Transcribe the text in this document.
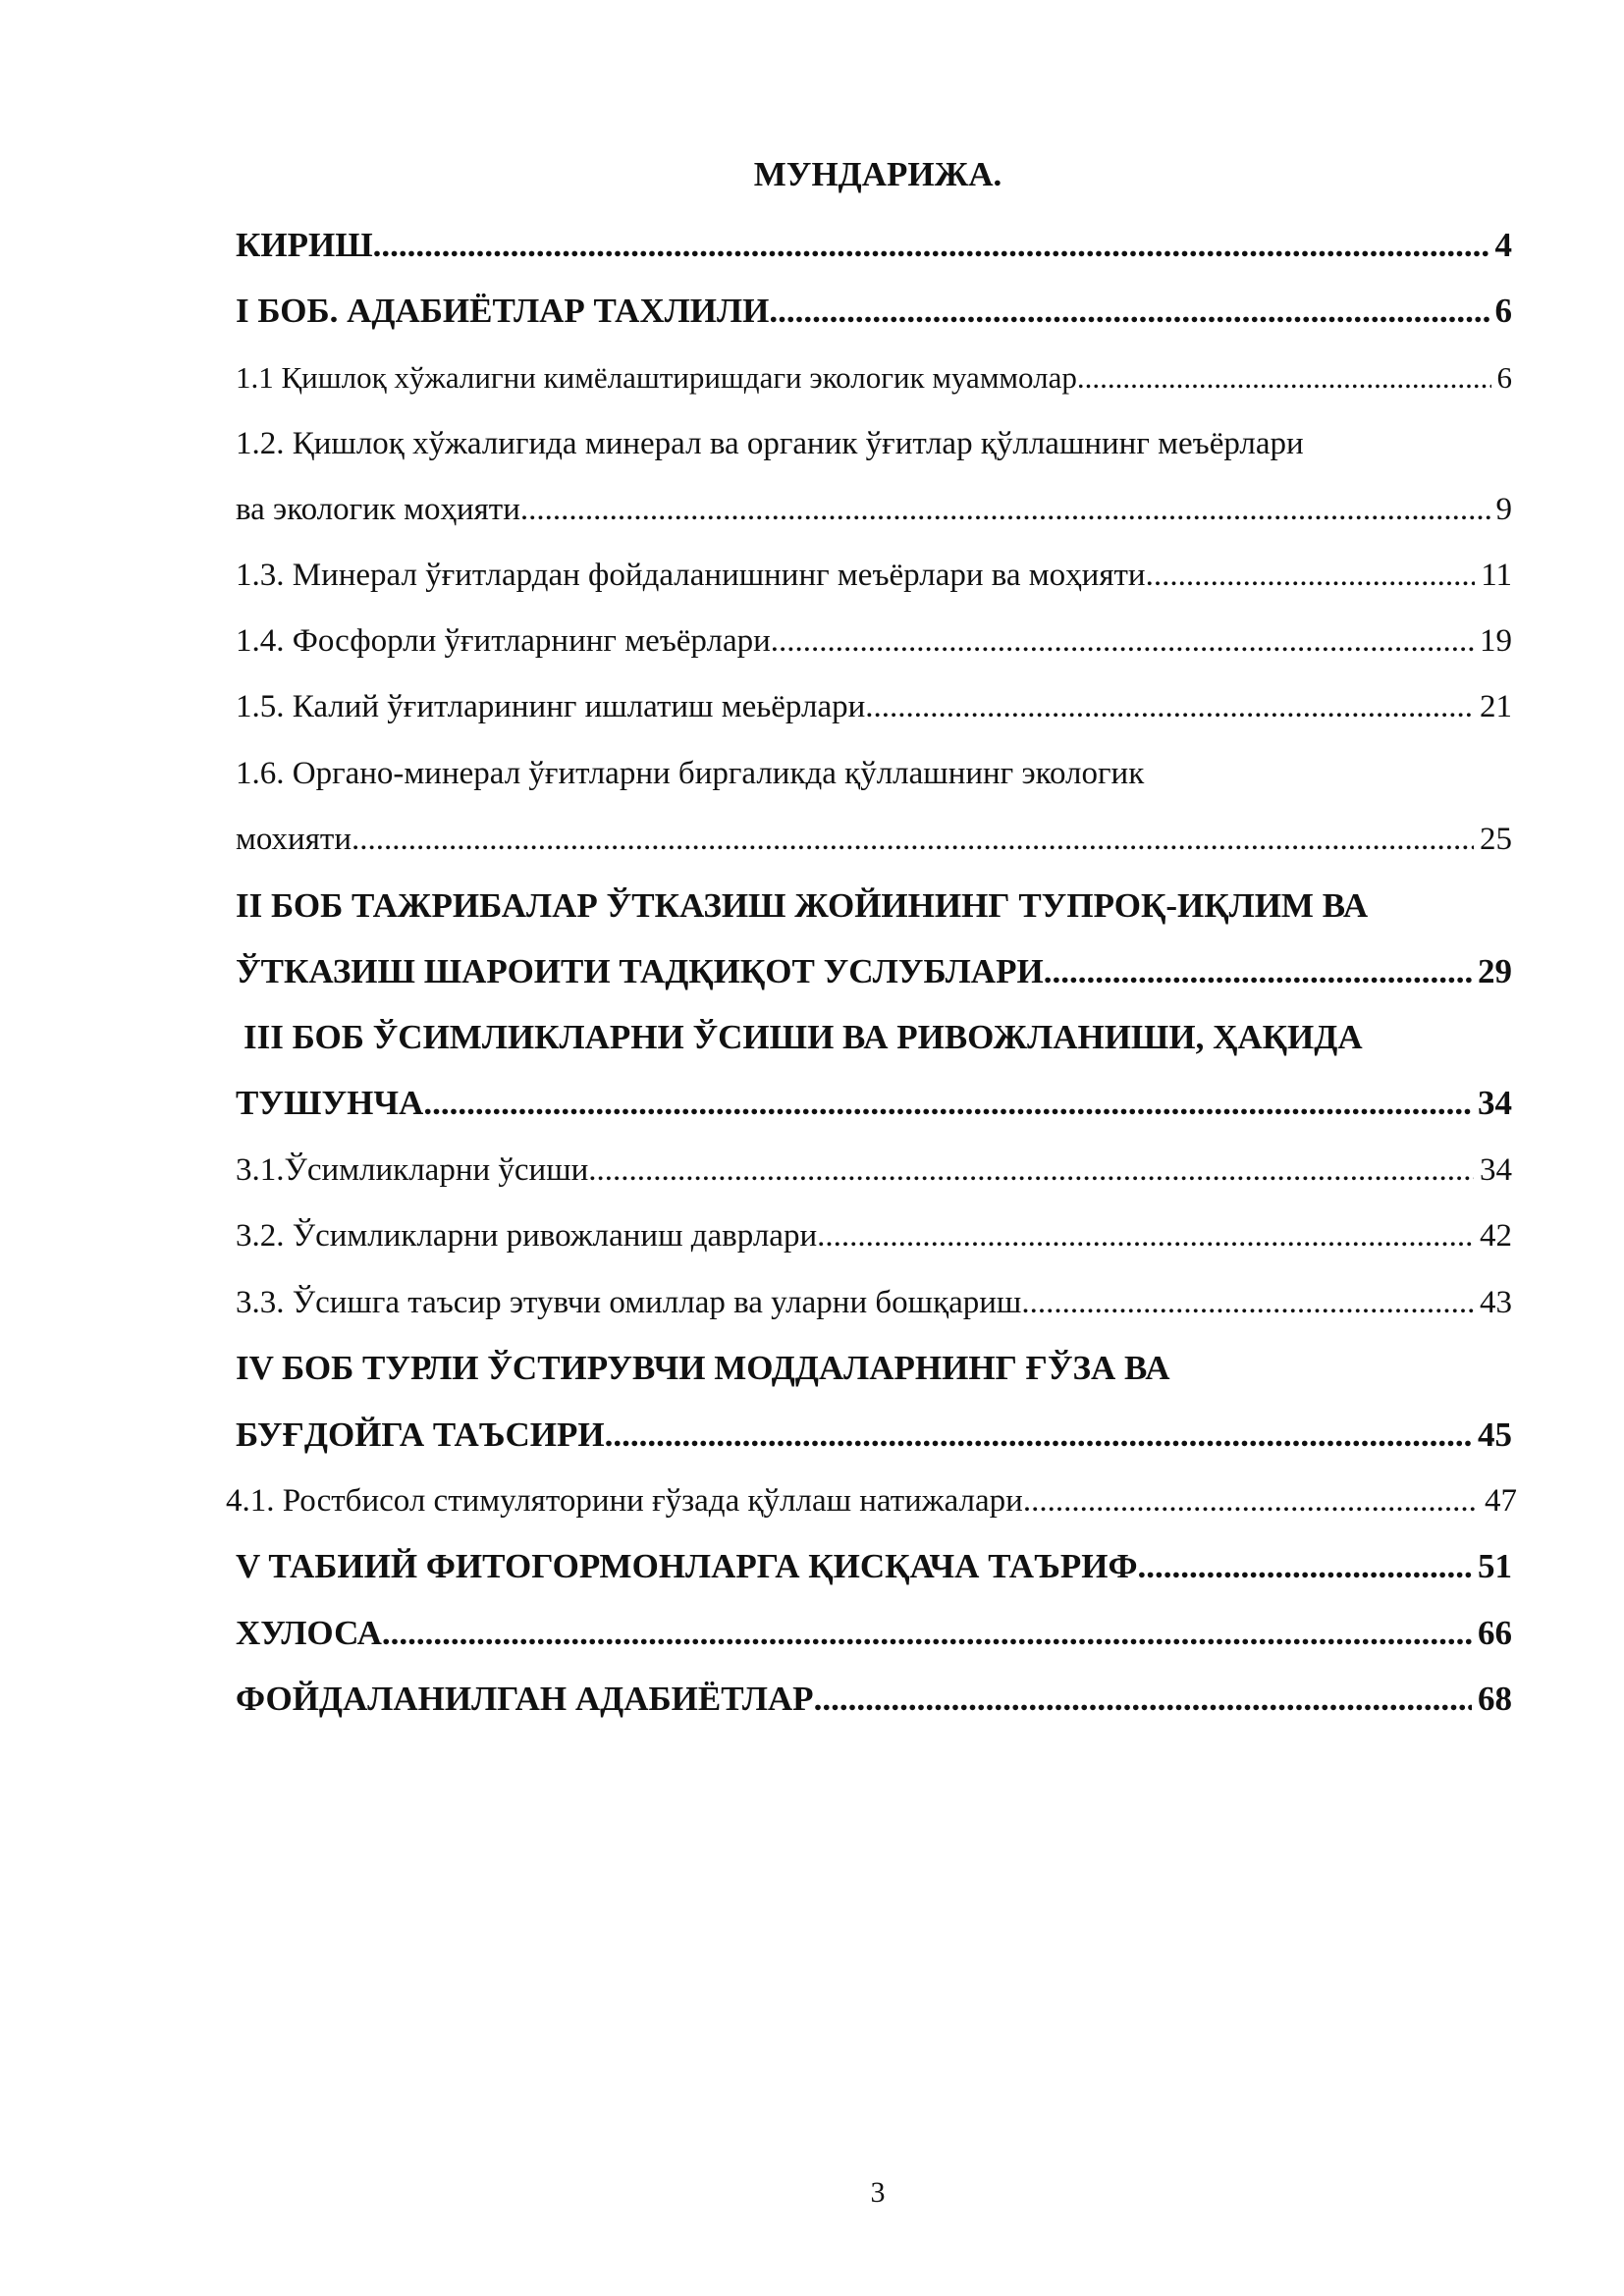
МУНДАРИЖА.
КИРИШ .....	4
I БОБ. АДАБИЁТЛАР ТАХЛИЛИ .....	6
1.1 Қишлоқ хўжалигни кимёлаштиришдаги экологик муаммолар .....	6
1.2. Қишлоқ хўжалигида минерал ва органик ўғитлар қўллашнинг меъёрлари
ва экологик моҳияти .....	9
1.3. Минерал ўғитлардан фойдаланишнинг меъёрлари ва моҳияти .....	11
1.4. Фосфорли ўғитларнинг меъёрлари .....	19
1.5. Калий ўғитларининг ишлатиш меьёрлари .....	21
1.6. Органо-минерал ўғитларни биргаликда қўллашнинг экологик
мохияти .....	25
II БОБ ТАЖРИБАЛАР ЎТКАЗИШ ЖОЙИНИНГ ТУПРОҚ-ИҚЛИМ ВА
ЎТКАЗИШ ШАРОИТИ ТАДҚИҚОТ УСЛУБЛАРИ .....	29
III БОБ ЎСИМЛИКЛАРНИ ЎСИШИ ВА РИВОЖЛАНИШИ, ҲАҚИДА
ТУШУНЧА .....	34
3.1.Ўсимликларни ўсиши .....	34
3.2. Ўсимликларни ривожланиш даврлари .....	42
3.3. Ўсишга таъсир этувчи омиллар ва уларни бошқариш .....	43
IV БОБ ТУРЛИ ЎСТИРУВЧИ МОДДАЛАРНИНГ ҒЎЗА ВА
БУҒДОЙГА ТАЪСИРИ .....	45
4.1. Ростбисол стимуляторини ғўзада қўллаш натижалари .....	47
V ТАБИИЙ ФИТОГОРМОНЛАРГА ҚИСҚАЧА ТАЪРИФ .....	51
ХУЛОСА .....	66
ФОЙДАЛАНИЛГАН АДАБИЁТЛАР .....	68
3
